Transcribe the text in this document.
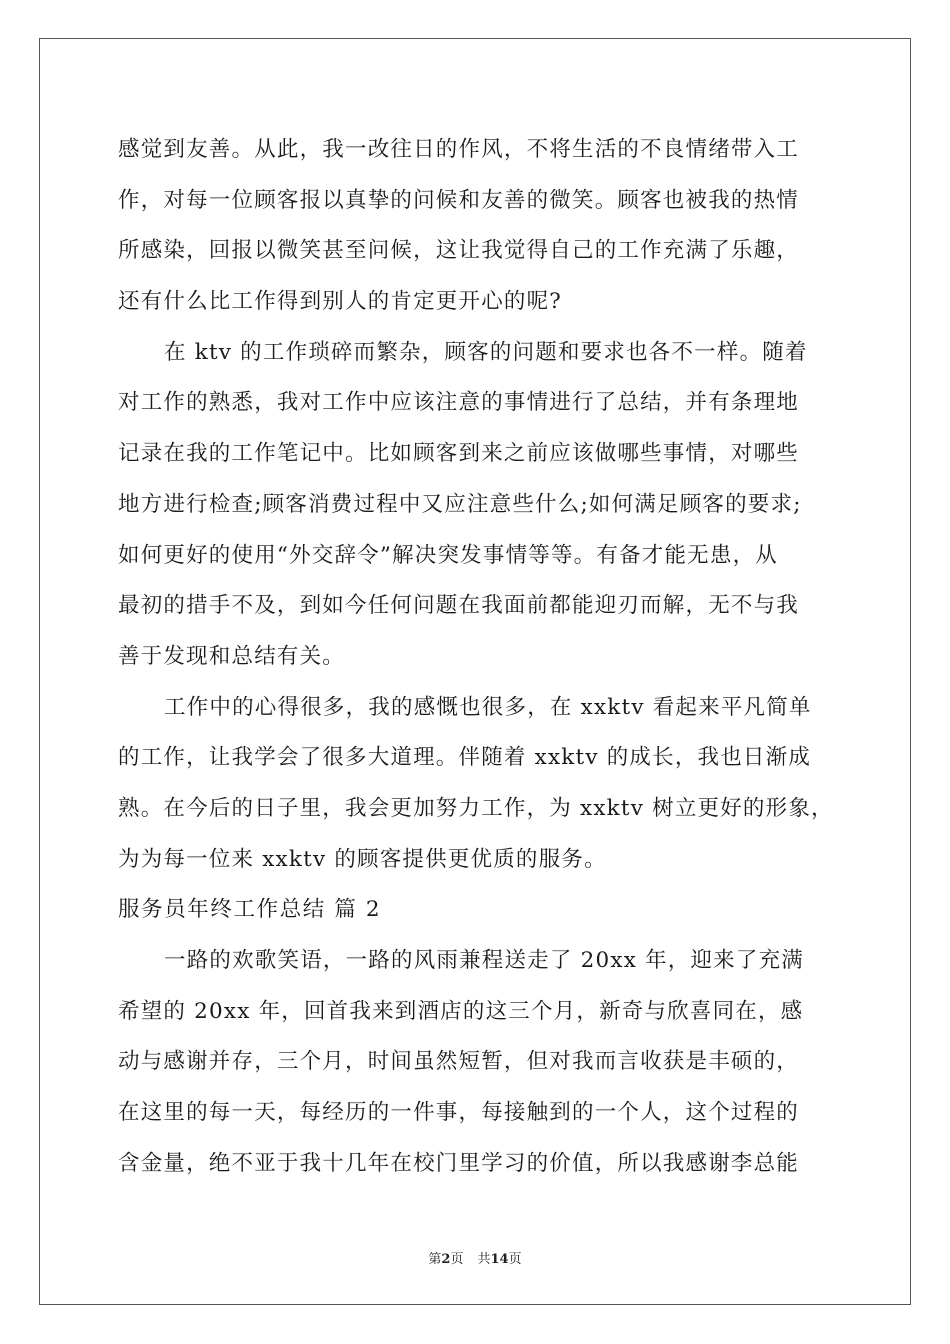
感觉到友善。从此，我一改往日的作风，不将生活的不良情绪带入工
作，对每一位顾客报以真挚的问候和友善的微笑。顾客也被我的热情
所感染，回报以微笑甚至问候，这让我觉得自己的工作充满了乐趣，
还有什么比工作得到别人的肯定更开心的呢?
在 ktv 的工作琐碎而繁杂，顾客的问题和要求也各不一样。随着
对工作的熟悉，我对工作中应该注意的事情进行了总结，并有条理地
记录在我的工作笔记中。比如顾客到来之前应该做哪些事情，对哪些
地方进行检查;顾客消费过程中又应注意些什么;如何满足顾客的要求;
如何更好的使用“外交辞令”解决突发事情等等。有备才能无患，从
最初的措手不及，到如今任何问题在我面前都能迎刃而解，无不与我
善于发现和总结有关。
工作中的心得很多，我的感慨也很多，在 xxktv 看起来平凡简单
的工作，让我学会了很多大道理。伴随着 xxktv 的成长，我也日渐成
熟。在今后的日子里，我会更加努力工作，为 xxktv 树立更好的形象，
为为每一位来 xxktv 的顾客提供更优质的服务。
服务员年终工作总结 篇 2
一路的欢歌笑语，一路的风雨兼程送走了 20xx 年，迎来了充满
希望的 20xx 年，回首我来到酒店的这三个月，新奇与欣喜同在，感
动与感谢并存，三个月，时间虽然短暂，但对我而言收获是丰硕的，
在这里的每一天，每经历的一件事，每接触到的一个人，这个过程的
含金量，绝不亚于我十几年在校门里学习的价值，所以我感谢李总能
第2页 共14页
